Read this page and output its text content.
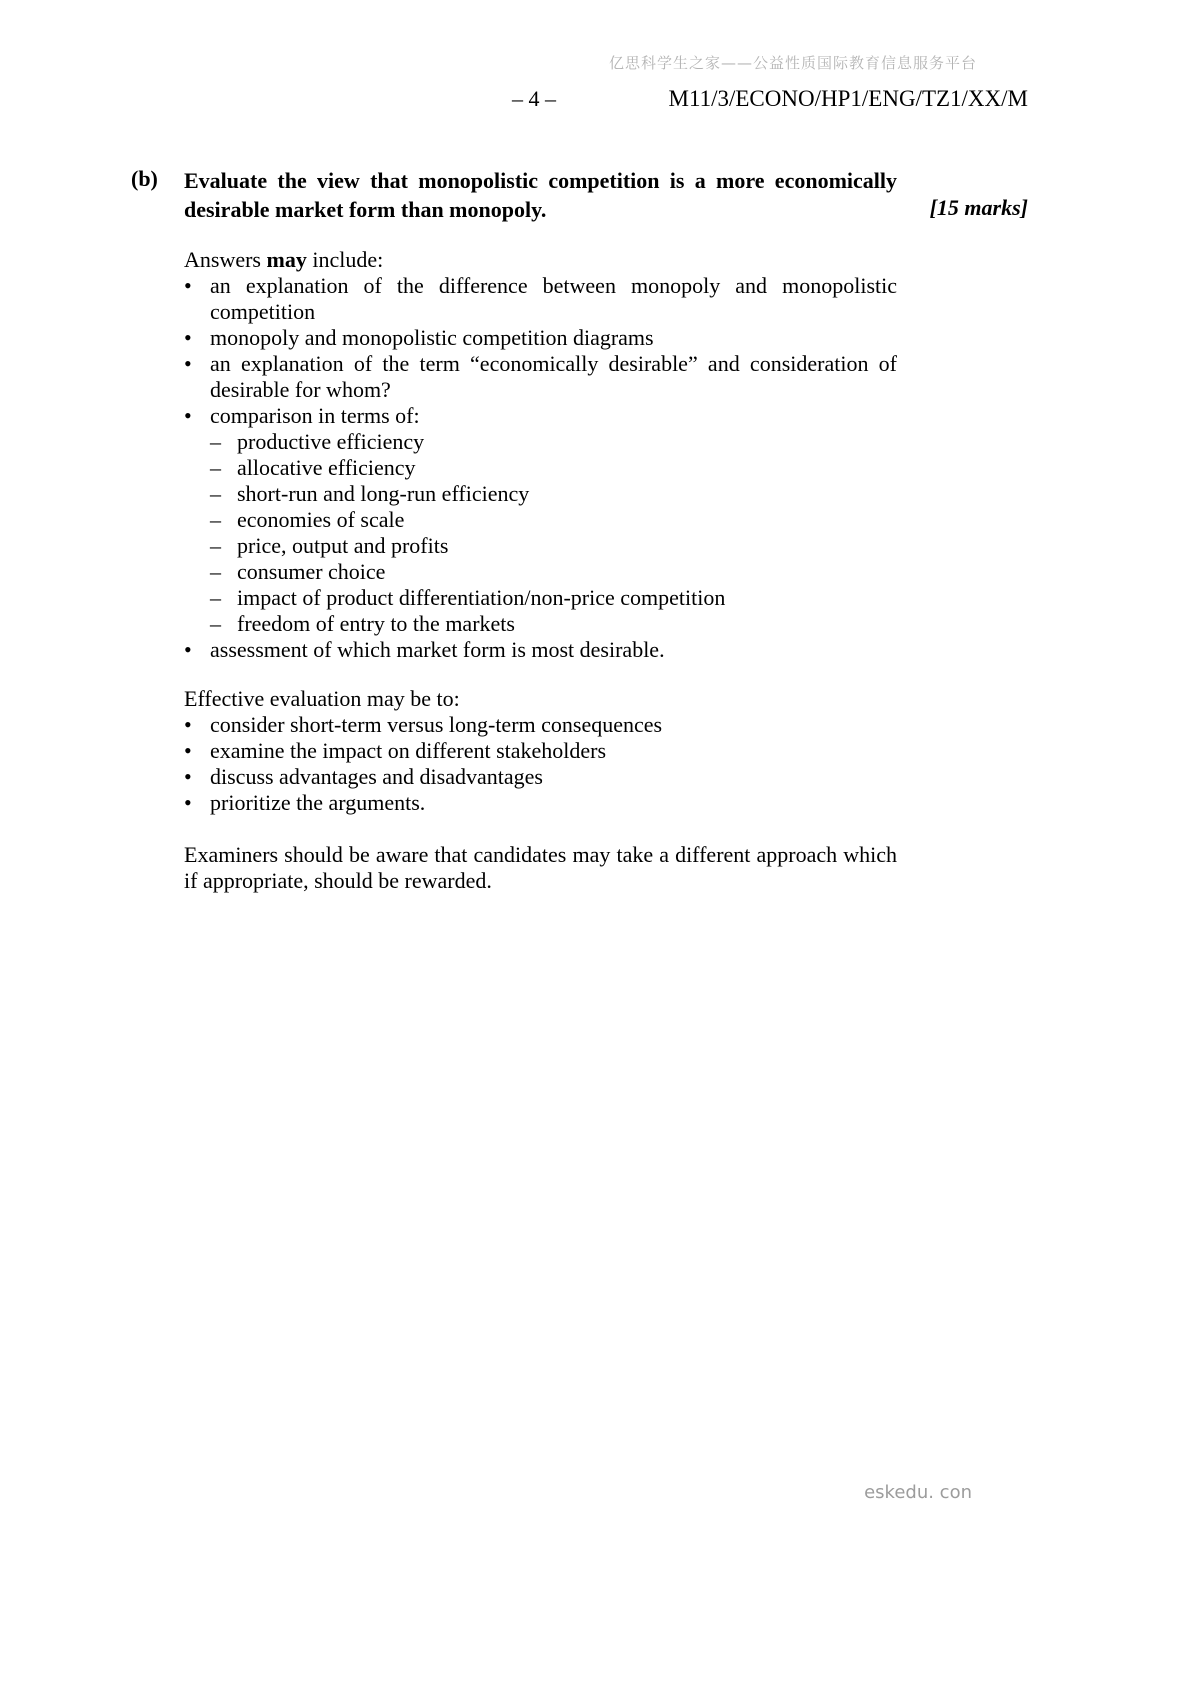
亿思科学生之家——公益性质国际教育信息服务平台
– 4 –	M11/3/ECONO/HP1/ENG/TZ1/XX/M
(b) Evaluate the view that monopolistic competition is a more economically desirable market form than monopoly.	[15 marks]
Answers may include:
•
an explanation of the difference between monopoly and monopolistic competition
•
monopoly and monopolistic competition diagrams
•
an explanation of the term “economically desirable” and consideration of desirable for whom?
•
comparison in terms of:
–
productive efficiency
–
allocative efficiency
–
short-run and long-run efficiency
–
economies of scale
–
price, output and profits
–
consumer choice
–
impact of product differentiation/non-price competition
–
freedom of entry to the markets
•
assessment of which market form is most desirable.
Effective evaluation may be to:
•
consider short-term versus long-term consequences
•
examine the impact on different stakeholders
•
discuss advantages and disadvantages
•
prioritize the arguments.
Examiners should be aware that candidates may take a different approach which if appropriate, should be rewarded.
eskedu. con
